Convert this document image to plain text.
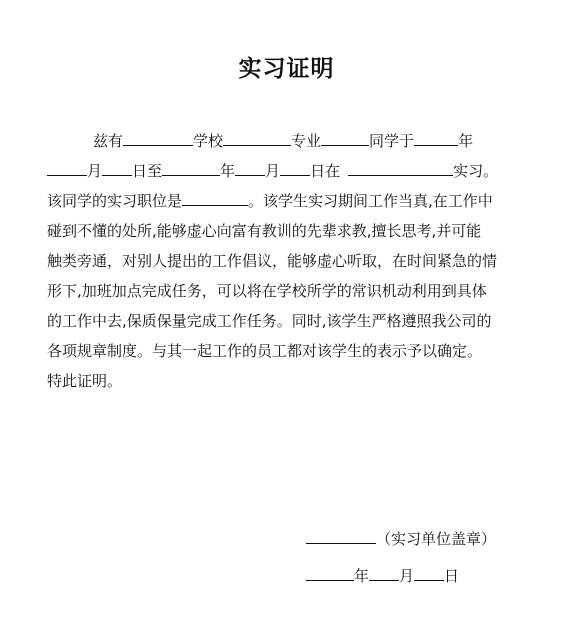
实习证明
兹有	学校	专业	同学于	年
月 日至	年 月 日在	实习。
该同学的实习职位是	。该学生实习期间工作当真,在工作中
碰到不懂的处所,能够虚心向富有教训的先辈求教,擅长思考,并可能
触类旁通，对别人提出的工作倡议，能够虚心听取，在时间紧急的情
形下,加班加点完成任务，可以将在学校所学的常识机动利用到具体
的工作中去,保质保量完成工作任务。同时,该学生严格遵照我公司的
各项规章制度。与其一起工作的员工都对该学生的表示予以确定。
特此证明。
（实习单位盖章）
年 月 日
